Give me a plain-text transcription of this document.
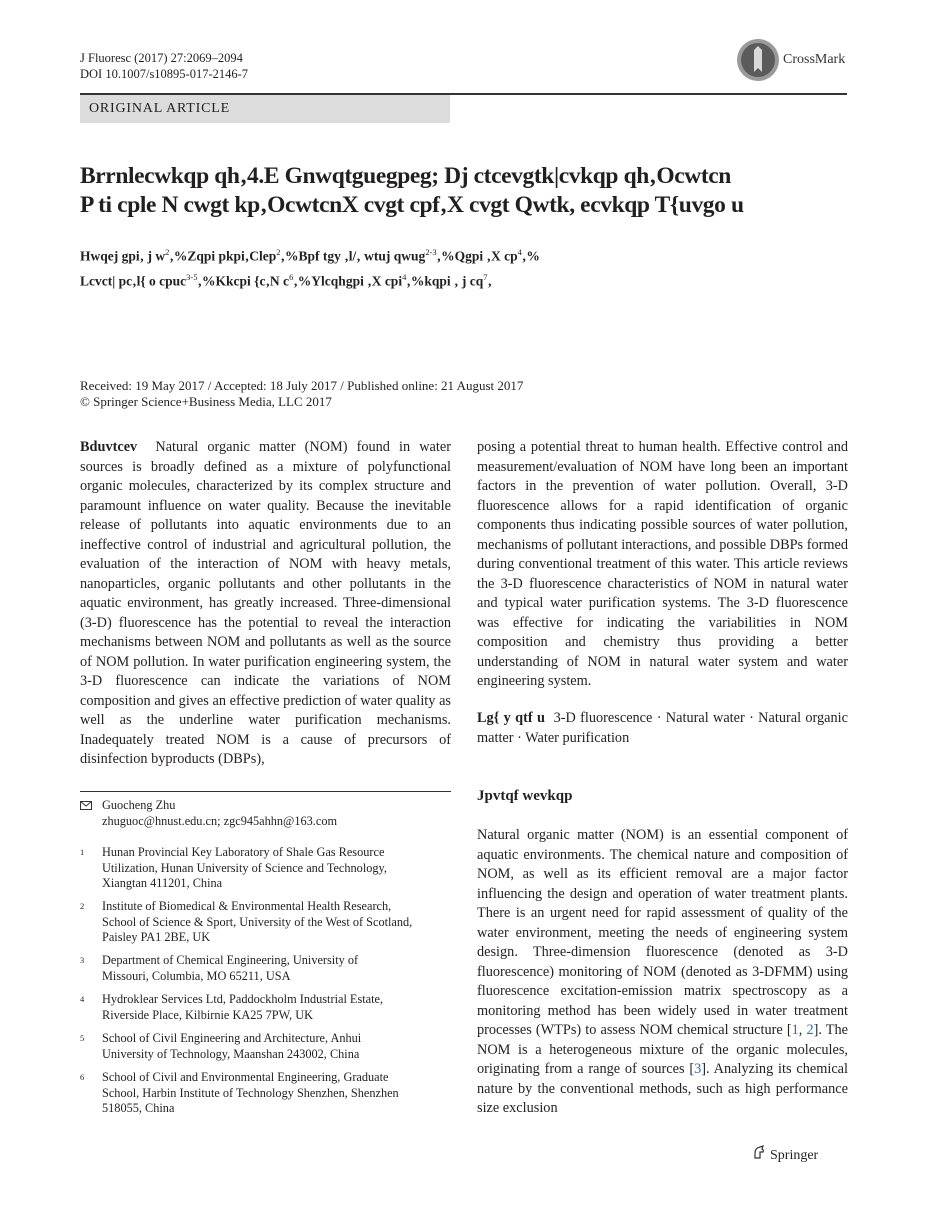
J Fluoresc (2017) 27:2069–2094
DOI 10.1007/s10895-017-2146-7
CrossMark
ORIGINAL ARTICLE
Brrnlecwkqp qh‚4.E Gnwqtguegpeg; Dj ctcevgtk|cvkqp qh‚Ocwtcn
P ti cple N cwgt kp‚OcwtcnX cvgt cpf‚X cvgt Qwtk, ecvkqp T{uvgo u
Hwqej gpi‚ j $w^2‚\%Zqpi$ pkpi‚Clep$^2$‚%Bpf tgy ‚l/‚ wtuj qwug$^{2-3}$‚%Qgpi ‚X $cp^4‚\%$
Lcvct| pc‚l{ o cpuc$^{3-5}$‚%Kkcpi {c‚N $c^6‚\%Ylcqhgpi$ ‚X cpi$^4$‚%kqpi ‚ j $cq^7‚$
Received: 19 May 2017 / Accepted: 18 July 2017 / Published online: 21 August 2017
© Springer Science+Business Media, LLC 2017
Bduvtcev Natural organic matter (NOM) found in water sources is broadly defined as a mixture of polyfunctional organic molecules, characterized by its complex structure and paramount influence on water quality. Because the inevitable release of pollutants into aquatic environments due to an ineffective control of industrial and agricultural pollution, the evaluation of the interaction of NOM with heavy metals, nanoparticles, organic pollutants and other pollutants in the aquatic environment, has greatly increased. Three-dimensional (3-D) fluorescence has the potential to reveal the interaction mechanisms between NOM and pollutants as well as the source of NOM pollution. In water purification engineering system, the 3-D fluorescence can indicate the variations of NOM composition and gives an effective prediction of water quality as well as the underline water purification mechanisms. Inadequately treated NOM is a cause of precursors of disinfection byproducts (DBPs),
posing a potential threat to human health. Effective control and measurement/evaluation of NOM have long been an important factors in the prevention of water pollution. Overall, 3-D fluorescence allows for a rapid identification of organic components thus indicating possible sources of water pollution, mechanisms of pollutant interactions, and possible DBPs formed during conventional treatment of this water. This article reviews the 3-D fluorescence characteristics of NOM in natural water and typical water purification systems. The 3-D fluorescence was effective for indicating the variabilities in NOM composition and chemistry thus providing a better understanding of NOM in natural water system and water engineering system.
Lg{ y qtf u 3-D fluorescence · Natural water · Natural organic matter · Water purification
Jpvtqf wevkqp
Natural organic matter (NOM) is an essential component of aquatic environments. The chemical nature and composition of NOM, as well as its efficient removal are a major factor influencing the design and operation of water treatment plants. There is an urgent need for rapid assessment of quality of the water environment, meeting the needs of engineering system design. Three-dimension fluorescence (denoted as 3-D fluorescence) monitoring of NOM (denoted as 3-DFMM) using fluorescence excitation-emission matrix spectroscopy as a monitoring method has been widely used in water treatment processes (WTPs) to assess NOM chemical structure [1, 2]. The NOM is a heterogeneous mixture of the organic molecules, originating from a range of sources [3]. Analyzing its chemical nature by the conventional methods, such as high performance size exclusion
Guocheng Zhu
zhuguoc@hnust.edu.cn; zgc945ahhn@163.com
1 Hunan Provincial Key Laboratory of Shale Gas Resource Utilization, Hunan University of Science and Technology, Xiangtan 411201, China
2 Institute of Biomedical & Environmental Health Research, School of Science & Sport, University of the West of Scotland, Paisley PA1 2BE, UK
3 Department of Chemical Engineering, University of Missouri, Columbia, MO 65211, USA
4 Hydroklear Services Ltd, Paddockholm Industrial Estate, Riverside Place, Kilbirnie KA25 7PW, UK
5 School of Civil Engineering and Architecture, Anhui University of Technology, Maanshan 243002, China
6 School of Civil and Environmental Engineering, Graduate School, Harbin Institute of Technology Shenzhen, Shenzhen 518055, China
Springer
